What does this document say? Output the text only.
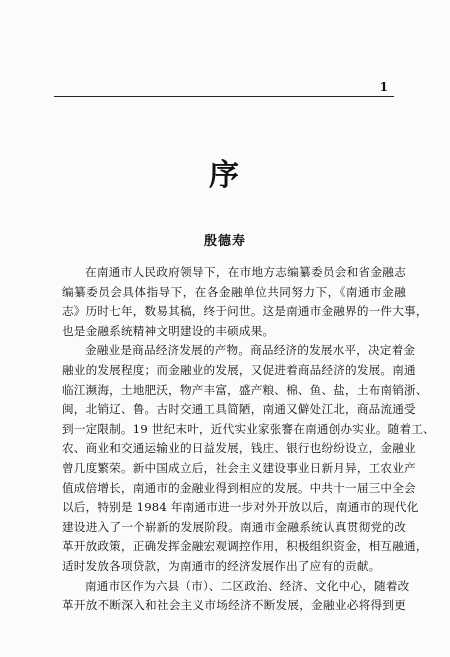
1
序
殷德寿
在南通市人民政府领导下，在市地方志编纂委员会和省金融志
编纂委员会具体指导下，在各金融单位共同努力下，《南通市金融
志》历时七年，数易其稿，终于问世。这是南通市金融界的一件大事，
也是金融系统精神文明建设的丰硕成果。
金融业是商品经济发展的产物。商品经济的发展水平，决定着金
融业的发展程度；而金融业的发展，又促进着商品经济的发展。南通
临江濒海，土地肥沃，物产丰富，盛产粮、棉、鱼、盐，土布南销浙、
闽，北销辽、鲁。古时交通工具简陋，南通又僻处江北，商品流通受
到一定限制。19 世纪末叶，近代实业家张謇在南通创办实业。随着工、
农、商业和交通运输业的日益发展，钱庄、银行也纷纷设立，金融业
曾几度繁荣。新中国成立后，社会主义建设事业日新月异，工农业产
值成倍增长，南通市的金融业得到相应的发展。中共十一届三中全会
以后，特别是 1984 年南通市进一步对外开放以后，南通市的现代化
建设进入了一个崭新的发展阶段。南通市金融系统认真贯彻党的改
革开放政策，正确发挥金融宏观调控作用，积极组织资金，相互融通，
适时发放各项贷款，为南通市的经济发展作出了应有的贡献。
南通市区作为六县（市）、二区政治、经济、文化中心，随着改
革开放不断深入和社会主义市场经济不断发展，金融业必将得到更
